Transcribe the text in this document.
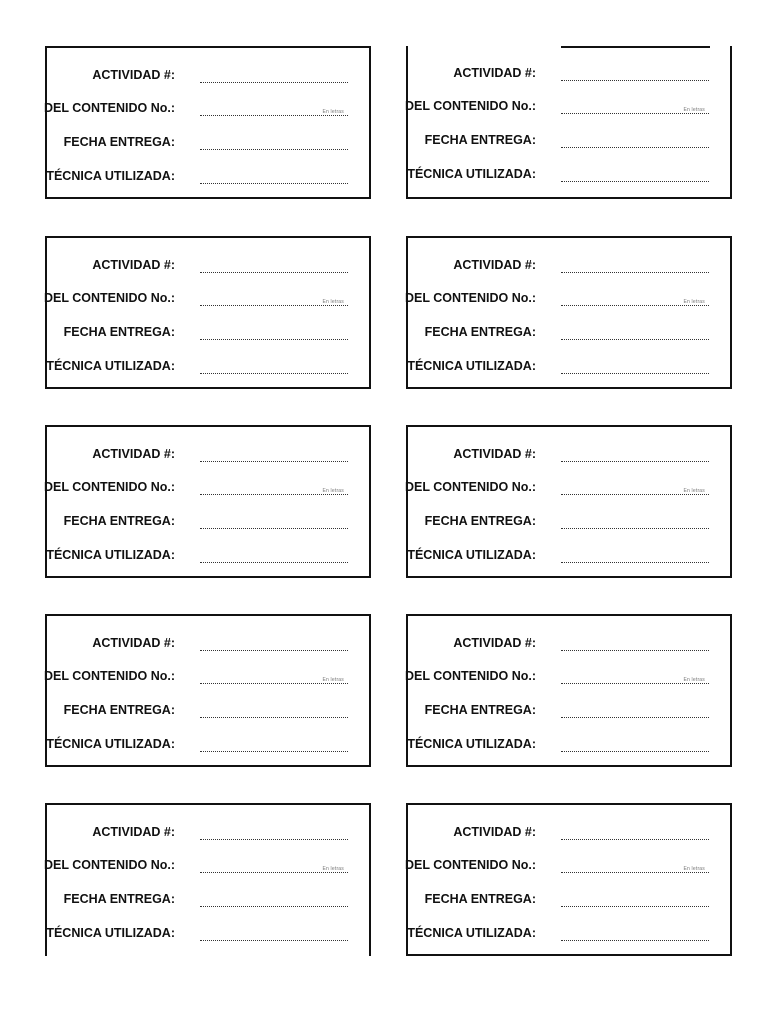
ACTIVIDAD #:
DEL CONTENIDO No.:	En letras
FECHA ENTREGA:
TÉCNICA UTILIZADA:
ACTIVIDAD #:
DEL CONTENIDO No.:	En letras
FECHA ENTREGA:
TÉCNICA UTILIZADA:
ACTIVIDAD #:
DEL CONTENIDO No.:	En letras
FECHA ENTREGA:
TÉCNICA UTILIZADA:
ACTIVIDAD #:
DEL CONTENIDO No.:	En letras
FECHA ENTREGA:
TÉCNICA UTILIZADA:
ACTIVIDAD #:
DEL CONTENIDO No.:	En letras
FECHA ENTREGA:
TÉCNICA UTILIZADA:
ACTIVIDAD #:
DEL CONTENIDO No.:	En letras
FECHA ENTREGA:
TÉCNICA UTILIZADA:
ACTIVIDAD #:
DEL CONTENIDO No.:	En letras
FECHA ENTREGA:
TÉCNICA UTILIZADA:
ACTIVIDAD #:
DEL CONTENIDO No.:	En letras
FECHA ENTREGA:
TÉCNICA UTILIZADA:
ACTIVIDAD #:
DEL CONTENIDO No.:	En letras
FECHA ENTREGA:
TÉCNICA UTILIZADA:
ACTIVIDAD #:
DEL CONTENIDO No.:	En letras
FECHA ENTREGA:
TÉCNICA UTILIZADA:
